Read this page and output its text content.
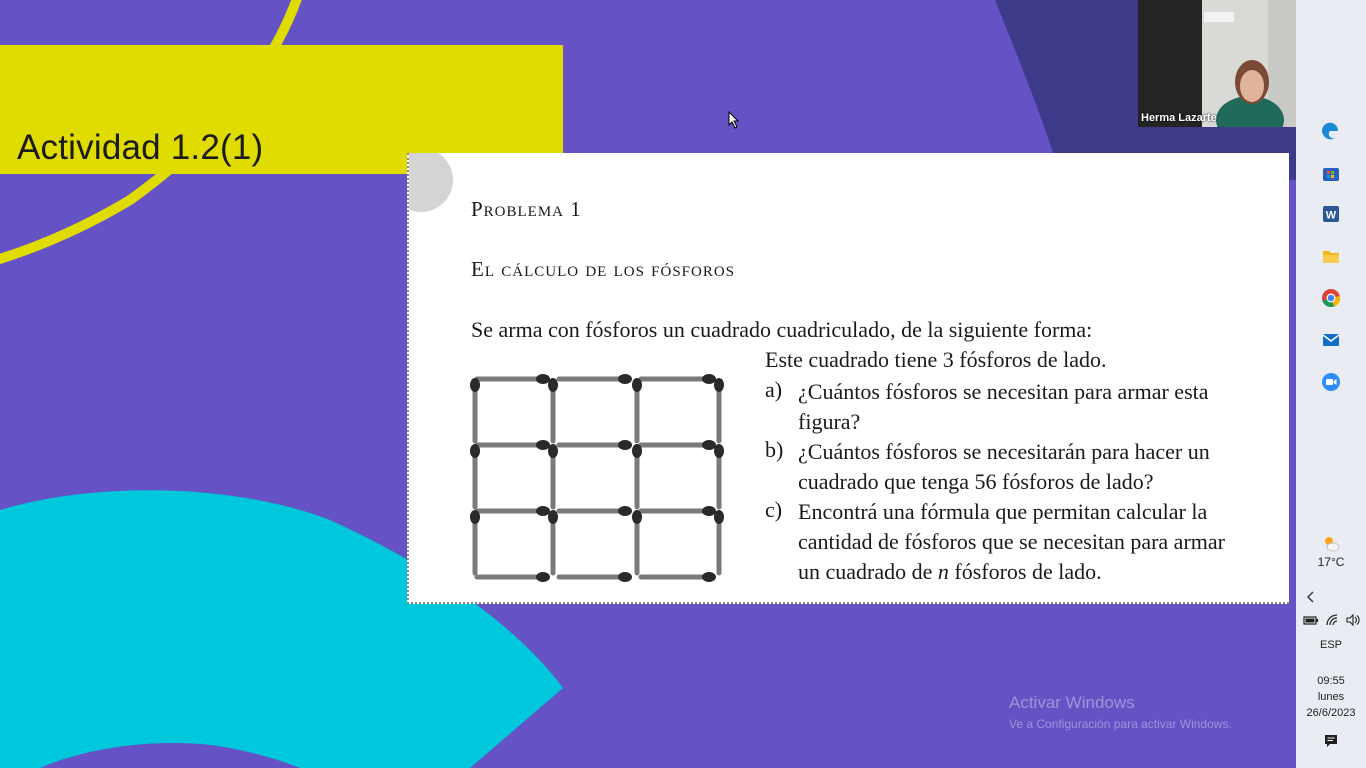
Actividad 1.2(1)
Problema 1
El cálculo de los fósforos
Se arma con fósforos un cuadrado cuadriculado, de la siguiente forma:
Este cuadrado tiene 3 fósforos de lado.
a) ¿Cuántos fósforos se necesitan para armar esta
figura?
b) ¿Cuántos fósforos se necesitarán para hacer un
cuadrado que tenga 56 fósforos de lado?
c) Encontrá una fórmula que permitan calcular la
cantidad de fósforos que se necesitan para armar
un cuadrado de n fósforos de lado.
Activar Windows
Ve a Configuración para activar Windows.
Herma Lazarte
W
17°C
ESP
09:55
lunes
26/6/2023
